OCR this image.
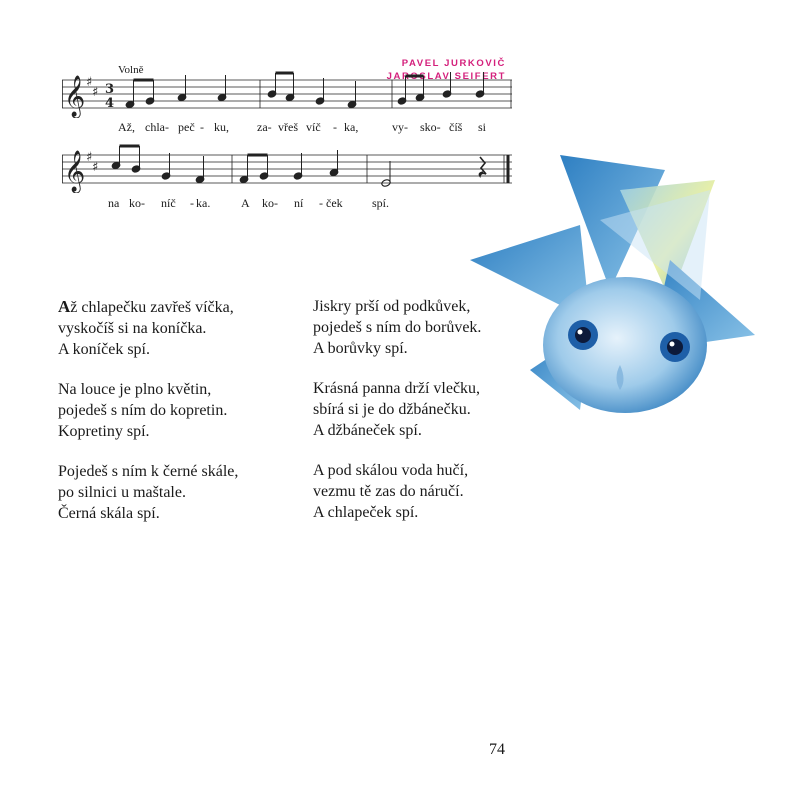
PAVEL JURKOVIČ
JAROSLAV SEIFERT
Volně
𝄞 ♯
♯ 3
4
𝄞 ♯
♯
Až chlapečku zavřeš víčka,
vyskočíš si na koníčka.
A koníček spí.
Na louce je plno květin,
pojedeš s ním do kopretin.
Kopretiny spí.
Pojedeš s ním k černé skále,
po silnici u maštale.
Černá skála spí.
Jiskry prší od podkůvek,
pojedeš s ním do borůvek.
A borůvky spí.
Krásná panna drží vlečku,
sbírá si je do džbánečku.
A džbáneček spí.
A pod skálou voda hučí,
vezmu tě zas do náručí.
A chlapeček spí.
74
Až, chla- peč - ku, za- vřeš víč - ka,	vy- sko- číš si
na ko- níč - ka.	A ko- ní - ček spí.
